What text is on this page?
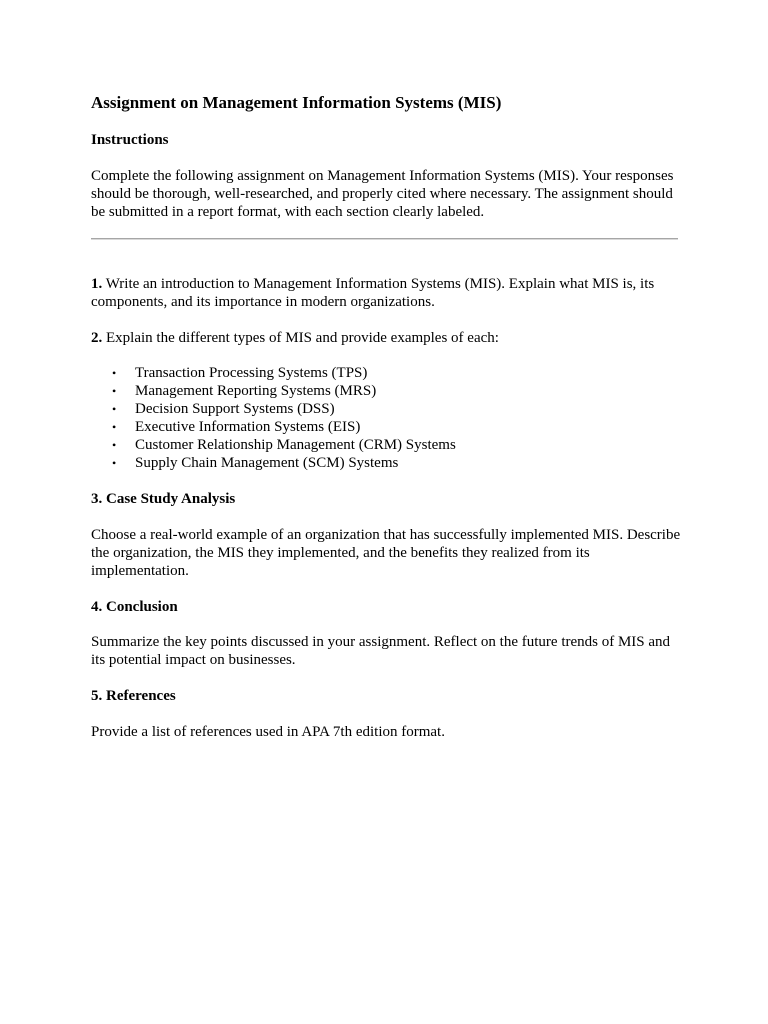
Assignment on Management Information Systems (MIS)
Instructions

Complete the following assignment on Management Information Systems (MIS). Your responses should be thorough, well-researched, and properly cited where necessary. The assignment should be submitted in a report format, with each section clearly labeled.

1. Write an introduction to Management Information Systems (MIS). Explain what MIS is, its components, and its importance in modern organizations.

2. Explain the different types of MIS and provide examples of each:

• Transaction Processing Systems (TPS)
• Management Reporting Systems (MRS)
• Decision Support Systems (DSS)
• Executive Information Systems (EIS)
• Customer Relationship Management (CRM) Systems
• Supply Chain Management (SCM) Systems
3. Case Study Analysis

Choose a real-world example of an organization that has successfully implemented MIS. Describe the organization, the MIS they implemented, and the benefits they realized from its implementation.

4. Conclusion

Summarize the key points discussed in your assignment. Reflect on the future trends of MIS and its potential impact on businesses.

5. References

Provide a list of references used in APA 7th edition format.
